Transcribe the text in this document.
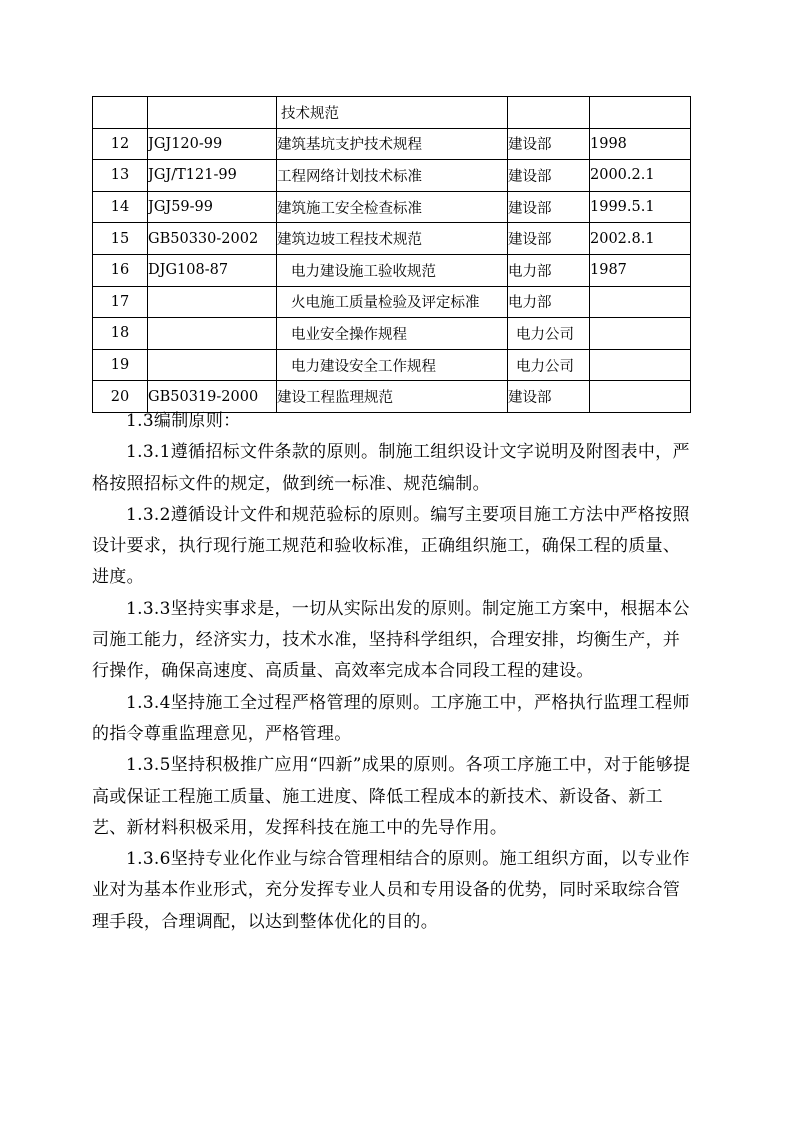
		技术规范		
12	JGJ120-99	建筑基坑支护技术规程	建设部	1998
13	JGJ/T121-99	工程网络计划技术标准	建设部	2000.2.1
14	JGJ59-99	建筑施工安全检查标准	建设部	1999.5.1
15	GB50330-2002	建筑边坡工程技术规范	建设部	2002.8.1
16	DJG108-87	电力建设施工验收规范	电力部	1987
17		火电施工质量检验及评定标准	电力部	
18		电业安全操作规程	电力公司	
19		电力建设安全工作规程	电力公司	
20	GB50319-2000	建设工程监理规范	建设部	

1.3编制原则：

1.3.1遵循招标文件条款的原则。制施工组织设计文字说明及附图表中，严格按照招标文件的规定，做到统一标准、规范编制。

1.3.2遵循设计文件和规范验标的原则。编写主要项目施工方法中严格按照设计要求，执行现行施工规范和验收标准，正确组织施工，确保工程的质量、进度。

1.3.3坚持实事求是，一切从实际出发的原则。制定施工方案中，根据本公司施工能力，经济实力，技术水准，坚持科学组织，合理安排，均衡生产，并行操作，确保高速度、高质量、高效率完成本合同段工程的建设。

1.3.4坚持施工全过程严格管理的原则。工序施工中，严格执行监理工程师的指令尊重监理意见，严格管理。

1.3.5坚持积极推广应用“四新”成果的原则。各项工序施工中，对于能够提高或保证工程施工质量、施工进度、降低工程成本的新技术、新设备、新工艺、新材料积极采用，发挥科技在施工中的先导作用。

1.3.6坚持专业化作业与综合管理相结合的原则。施工组织方面，以专业作业对为基本作业形式，充分发挥专业人员和专用设备的优势，同时采取综合管理手段，合理调配，以达到整体优化的目的。
